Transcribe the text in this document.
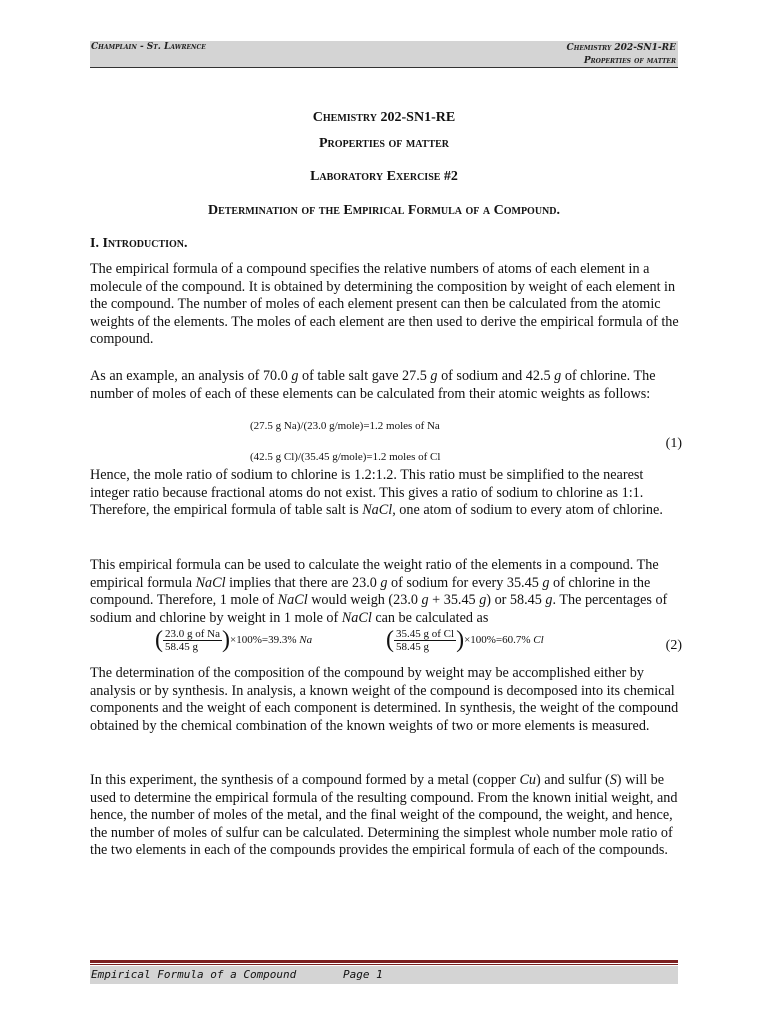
Champlain - St. Lawrence	Chemistry 202-SN1-RE
Properties of matter
Chemistry 202-SN1-RE
Properties of matter
Laboratory Exercise #2
Determination of the Empirical Formula of a Compound.
I. Introduction.

The empirical formula of a compound specifies the relative numbers of atoms of each element in a molecule of the compound. It is obtained by determining the composition by weight of each element in the compound. The number of moles of each element present can then be calculated from the atomic weights of the elements. The moles of each element are then used to derive the empirical formula of the compound.

As an example, an analysis of 70.0 g of table salt gave 27.5 g of sodium and 42.5 g of chlorine. The number of moles of each of these elements can be calculated from their atomic weights as follows:

(27.5 g Na)/(23.0 g/mole)=1.2 moles of Na
(1)
(42.5 g Cl)/(35.45 g/mole)=1.2 moles of Cl

Hence, the mole ratio of sodium to chlorine is 1.2:1.2. This ratio must be simplified to the nearest integer ratio because fractional atoms do not exist. This gives a ratio of sodium to chlorine as 1:1. Therefore, the empirical formula of table salt is NaCl, one atom of sodium to every atom of chlorine.

This empirical formula can be used to calculate the weight ratio of the elements in a compound. The empirical formula NaCl implies that there are 23.0 g of sodium for every 35.45 g of chlorine in the compound. Therefore, 1 mole of NaCl would weigh (23.0 g + 35.45 g) or 58.45 g. The percentages of sodium and chlorine by weight in 1 mole of NaCl can be calculated as

( $\frac{\text{23.0 g of Na}}{58.45 g} )\times 100\%=39.3\%$ Na	( $\frac{\text{35.45 g of Cl}}{58.45 g} )\times 100\%=60.7\%$ Cl	(2)

The determination of the composition of the compound by weight may be accomplished either by analysis or by synthesis. In analysis, a known weight of the compound is decomposed into its chemical components and the weight of each component is determined. In synthesis, the weight of the compound obtained by the chemical combination of the known weights of two or more elements is measured.

In this experiment, the synthesis of a compound formed by a metal (copper Cu) and sulfur (S) will be used to determine the empirical formula of the resulting compound. From the known initial weight, and hence, the number of moles of the metal, and the final weight of the compound, the weight, and hence, the number of moles of sulfur can be calculated. Determining the simplest whole number mole ratio of the two elements in each of the compounds provides the empirical formula of each of the compounds.

Empirical Formula of a Compound	Page 1
